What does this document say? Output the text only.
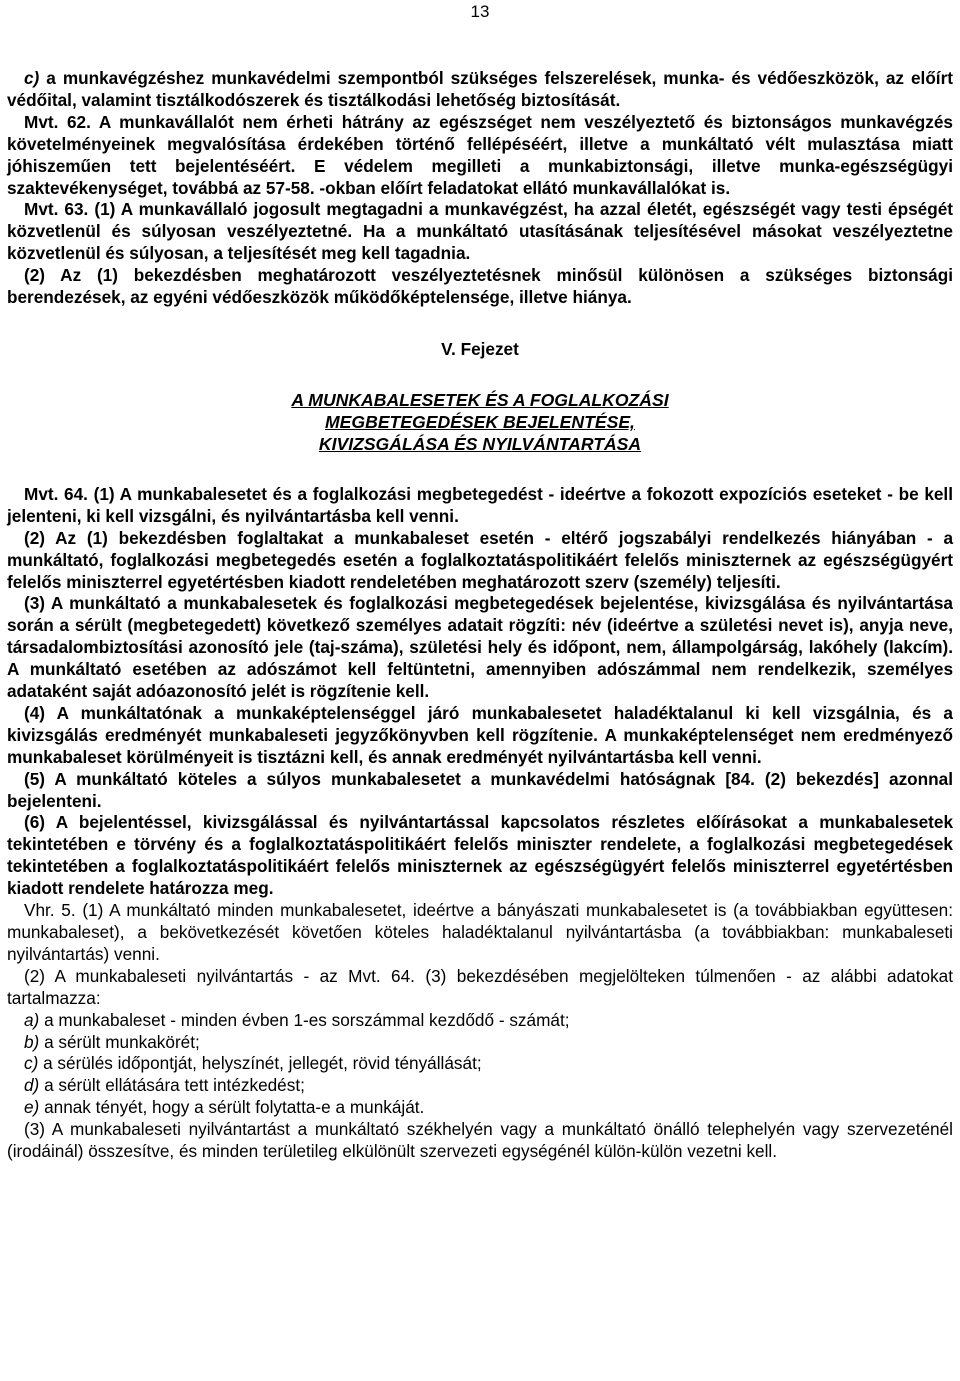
13

c) a munkavégzéshez munkavédelmi szempontból szükséges felszerelések, munka- és védőeszközök, az előírt védőital, valamint tisztálkodószerek és tisztálkodási lehetőség biztosítását.

Mvt. 62. A munkavállalót nem érheti hátrány az egészséget nem veszélyeztető és biztonságos munkavégzés követelményeinek megvalósítása érdekében történő fellépéséért, illetve a munkáltató vélt mulasztása miatt jóhiszeműen tett bejelentéséért. E védelem megilleti a munkabiztonsági, illetve munka-egészségügyi szaktevékenységet, továbbá az 57-58. -okban előírt feladatokat ellátó munkavállalókat is.

Mvt. 63. (1) A munkavállaló jogosult megtagadni a munkavégzést, ha azzal életét, egészségét vagy testi épségét közvetlenül és súlyosan veszélyeztetné. Ha a munkáltató utasításának teljesítésével másokat veszélyeztetne közvetlenül és súlyosan, a teljesítését meg kell tagadnia.

(2) Az (1) bekezdésben meghatározott veszélyeztetésnek minősül különösen a szükséges biztonsági berendezések, az egyéni védőeszközök működőképtelensége, illetve hiánya.

V. Fejezet

A MUNKABALESETEK ÉS A FOGLALKOZÁSI

MEGBETEGEDÉSEK BEJELENTÉSE,

KIVIZSGÁLÁSA ÉS NYILVÁNTARTÁSA

Mvt. 64. (1) A munkabalesetet és a foglalkozási megbetegedést - ideértve a fokozott expozíciós eseteket - be kell jelenteni, ki kell vizsgálni, és nyilvántartásba kell venni.

(2) Az (1) bekezdésben foglaltakat a munkabaleset esetén - eltérő jogszabályi rendelkezés hiányában - a munkáltató, foglalkozási megbetegedés esetén a foglalkoztatáspolitikáért felelős miniszternek az egészségügyért felelős miniszterrel egyetértésben kiadott rendeletében meghatározott szerv (személy) teljesíti.

(3) A munkáltató a munkabalesetek és foglalkozási megbetegedések bejelentése, kivizsgálása és nyilvántartása során a sérült (megbetegedett) következő személyes adatait rögzíti: név (ideértve a születési nevet is), anyja neve, társadalombiztosítási azonosító jele (taj-száma), születési hely és időpont, nem, állampolgárság, lakóhely (lakcím). A munkáltató esetében az adószámot kell feltüntetni, amennyiben adószámmal nem rendelkezik, személyes adataként saját adóazonosító jelét is rögzítenie kell.

(4) A munkáltatónak a munkaképtelenséggel járó munkabalesetet haladéktalanul ki kell vizsgálnia, és a kivizsgálás eredményét munkabaleseti jegyzőkönyvben kell rögzítenie. A munkaképtelenséget nem eredményező munkabaleset körülményeit is tisztázni kell, és annak eredményét nyilvántartásba kell venni.

(5) A munkáltató köteles a súlyos munkabalesetet a munkavédelmi hatóságnak [84. (2) bekezdés] azonnal bejelenteni.

(6) A bejelentéssel, kivizsgálással és nyilvántartással kapcsolatos részletes előírásokat a munkabalesetek tekintetében e törvény és a foglalkoztatáspolitikáért felelős miniszter rendelete, a foglalkozási megbetegedések tekintetében a foglalkoztatáspolitikáért felelős miniszternek az egészségügyért felelős miniszterrel egyetértésben kiadott rendelete határozza meg.

Vhr. 5. (1) A munkáltató minden munkabalesetet, ideértve a bányászati munkabalesetet is (a továbbiakban együttesen: munkabaleset), a bekövetkezését követően köteles haladéktalanul nyilvántartásba (a továbbiakban: munkabaleseti nyilvántartás) venni.

(2) A munkabaleseti nyilvántartás - az Mvt. 64. (3) bekezdésében megjelölteken túlmenően - az alábbi adatokat tartalmazza:

a) a munkabaleset - minden évben 1-es sorszámmal kezdődő - számát;

b) a sérült munkakörét;

c) a sérülés időpontját, helyszínét, jellegét, rövid tényállását;

d) a sérült ellátására tett intézkedést;

e) annak tényét, hogy a sérült folytatta-e a munkáját.

(3) A munkabaleseti nyilvántartást a munkáltató székhelyén vagy a munkáltató önálló telephelyén vagy szervezeténél (irodáinál) összesítve, és minden területileg elkülönült szervezeti egységénél külön-külön vezetni kell.
